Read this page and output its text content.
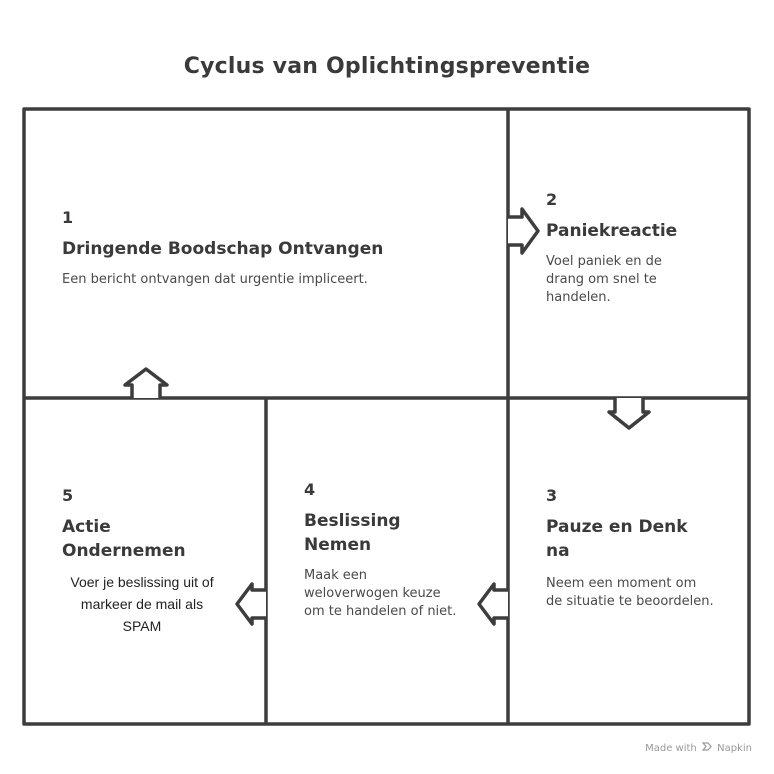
Cyclus van Oplichtingspreventie
1
Dringende Boodschap Ontvangen
Een bericht ontvangen dat urgentie impliceert.
2
Paniekreactie
Voel paniek en de drang om snel te handelen.
3
Pauze en Denk na
Neem een moment om de situatie te beoordelen.
4
Beslissing Nemen
Maak een weloverwogen keuze om te handelen of niet.
5
Actie Ondernemen
Voer je beslissing uit of markeer de mail als SPAM
Made with Napkin
